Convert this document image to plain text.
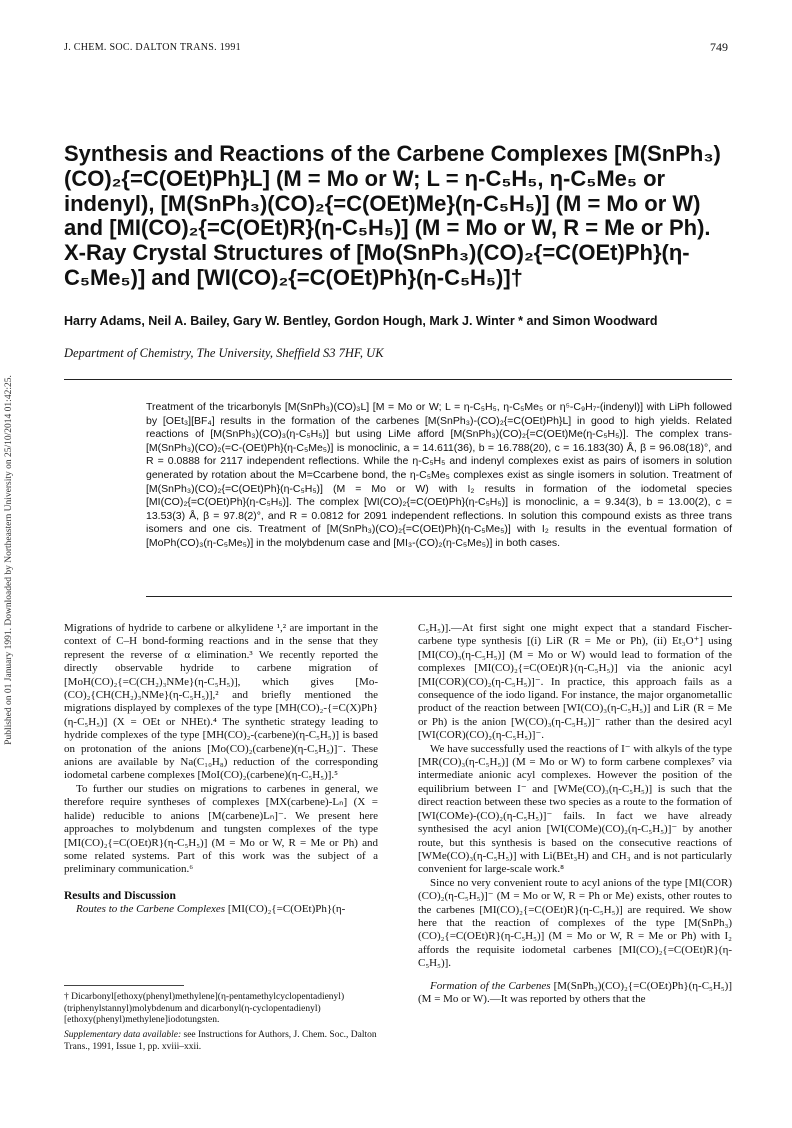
Published on 01 January 1991. Downloaded by Northeastern University on 25/10/2014 01:42:25.
J. CHEM. SOC. DALTON TRANS. 1991	749
Synthesis and Reactions of the Carbene Complexes [M(SnPh₃)(CO)₂{=C(OEt)Ph}L] (M = Mo or W; L = η-C₅H₅, η-C₅Me₅ or indenyl), [M(SnPh₃)(CO)₂{=C(OEt)Me}(η-C₅H₅)] (M = Mo or W) and [MI(CO)₂{=C(OEt)R}(η-C₅H₅)] (M = Mo or W, R = Me or Ph). X-Ray Crystal Structures of [Mo(SnPh₃)(CO)₂{=C(OEt)Ph}(η-C₅Me₅)] and [WI(CO)₂{=C(OEt)Ph}(η-C₅H₅)]†

Harry Adams, Neil A. Bailey, Gary W. Bentley, Gordon Hough, Mark J. Winter * and Simon Woodward

Department of Chemistry, The University, Sheffield S3 7HF, UK

Treatment of the tricarbonyls [M(SnPh₃)(CO)₃L] [M = Mo or W; L = η-C₅H₅, η-C₅Me₅ or η⁵-C₉H₇-(indenyl)] with LiPh followed by [OEt₃][BF₄] results in the formation of the carbenes [M(SnPh₃)-(CO)₂{=C(OEt)Ph}L] in good to high yields. Related reactions of [M(SnPh₃)(CO)₃(η-C₅H₅)] but using LiMe afford [M(SnPh₃)(CO)₂{=C(OEt)Me(η-C₅H₅)]. The complex trans-[M(SnPh₃)(CO)₂(=C-(OEt)Ph}(η-C₅Me₅)] is monoclinic, a = 14.611(36), b = 16.788(20), c = 16.183(30) Å, β = 96.08(18)°, and R = 0.0888 for 2117 independent reflections. While the η-C₅H₅ and indenyl complexes exist as pairs of isomers in solution generated by rotation about the M=Ccarbene bond, the η-C₅Me₅ complexes exist as single isomers in solution. Treatment of [M(SnPh₃)(CO)₂{=C(OEt)Ph}(η-C₅H₅)] (M = Mo or W) with I₂ results in formation of the iodometal species [MI(CO)₂{=C(OEt)Ph}(η-C₅H₅)]. The complex [WI(CO)₂{=C(OEt)Ph}(η-C₅H₅)] is monoclinic, a = 9.34(3), b = 13.00(2), c = 13.53(3) Å, β = 97.8(2)°, and R = 0.0812 for 2091 independent reflections. In solution this compound exists as three trans isomers and one cis. Treatment of [M(SnPh₃)(CO)₂{=C(OEt)Ph}(η-C₅Me₅)] with I₂ results in the eventual formation of [MoPh(CO)₃(η-C₅Me₅)] in the molybdenum case and [MI₃-(CO)₂(η-C₅Me₅)] in both cases.

Migrations of hydride to carbene or alkylidene ¹,² are important in the context of C–H bond-forming reactions and in the sense that they represent the reverse of α elimination.³ We recently reported the directly observable hydride to carbene migration of [MoH(CO)₂{=C(CH₂)₃NMe}(η-C₅H₅)], which gives [Mo-(CO)₂{CH(CH₂)₃NMe}(η-C₅H₅)],² and briefly mentioned the migrations displayed by complexes of the type [MH(CO)₂-{=C(X)Ph}(η-C₅H₅)] (X = OEt or NHEt).⁴ The synthetic strategy leading to hydride complexes of the type [MH(CO)₂-(carbene)(η-C₅H₅)] is based on protonation of the anions [Mo(CO)₂(carbene)(η-C₅H₅)]⁻. These anions are available by Na(C₁₀H₈) reduction of the corresponding iodometal carbene complexes [MoI(CO)₂(carbene)(η-C₅H₅)].⁵

To further our studies on migrations to carbenes in general, we therefore require syntheses of complexes [MX(carbene)-Lₙ] (X = halide) reducible to anions [M(carbene)Lₙ]⁻. We present here approaches to molybdenum and tungsten complexes of the type [MI(CO)₂{=C(OEt)R}(η-C₅H₅)] (M = Mo or W, R = Me or Ph) and some related systems. Part of this work was the subject of a preliminary communication.⁶

Results and Discussion

Routes to the Carbene Complexes [MI(CO)₂{=C(OEt)Ph}(η-

† Dicarbonyl[ethoxy(phenyl)methylene](η-pentamethylcyclopentadienyl)(triphenylstannyl)molybdenum and dicarbonyl(η-cyclopentadienyl)[ethoxy(phenyl)methylene]iodotungsten.

Supplementary data available: see Instructions for Authors, J. Chem. Soc., Dalton Trans., 1991, Issue 1, pp. xviii–xxii.

C₅H₅)].—At first sight one might expect that a standard Fischer-carbene type synthesis [(i) LiR (R = Me or Ph), (ii) Et₃O⁺] using [MI(CO)₃(η-C₅H₅)] (M = Mo or W) would lead to formation of the complexes [MI(CO)₂{=C(OEt)R}(η-C₅H₅)] via the anionic acyl [MI(COR)(CO)₂(η-C₅H₅)]⁻. In practice, this approach fails as a consequence of the iodo ligand. For instance, the major organometallic product of the reaction between [WI(CO)₃(η-C₅H₅)] and LiR (R = Me or Ph) is the anion [W(CO)₃(η-C₅H₅)]⁻ rather than the desired acyl [WI(COR)(CO)₂(η-C₅H₅)]⁻.

We have successfully used the reactions of I⁻ with alkyls of the type [MR(CO)₃(η-C₅H₅)] (M = Mo or W) to form carbene complexes⁷ via intermediate anionic acyl complexes. However the position of the equilibrium between I⁻ and [WMe(CO)₃(η-C₅H₅)] is such that the direct reaction between these two species as a route to the formation of [WI(COMe)-(CO)₂(η-C₅H₅)]⁻ fails. In fact we have already synthesised the acyl anion [WI(COMe)(CO)₂(η-C₅H₅)]⁻ by another route, but this synthesis is based on the consecutive reactions of [WMe(CO)₃(η-C₅H₅)] with Li(BEt₃H) and CH₃ and is not particularly convenient for large-scale work.⁸

Since no very convenient route to acyl anions of the type [MI(COR)(CO)₂(η-C₅H₅)]⁻ (M = Mo or W, R = Ph or Me) exists, other routes to the carbenes [MI(CO)₂{=C(OEt)R}(η-C₅H₅)] are required. We show here that the reaction of complexes of the type [M(SnPh₃)(CO)₂{=C(OEt)R}(η-C₅H₅)] (M = Mo or W, R = Me or Ph) with I₂ affords the requisite iodometal carbenes [MI(CO)₂{=C(OEt)R}(η-C₅H₅)].

Formation of the Carbenes [M(SnPh₃)(CO)₂{=C(OEt)Ph}(η-C₅H₅)] (M = Mo or W).—It was reported by others that the
